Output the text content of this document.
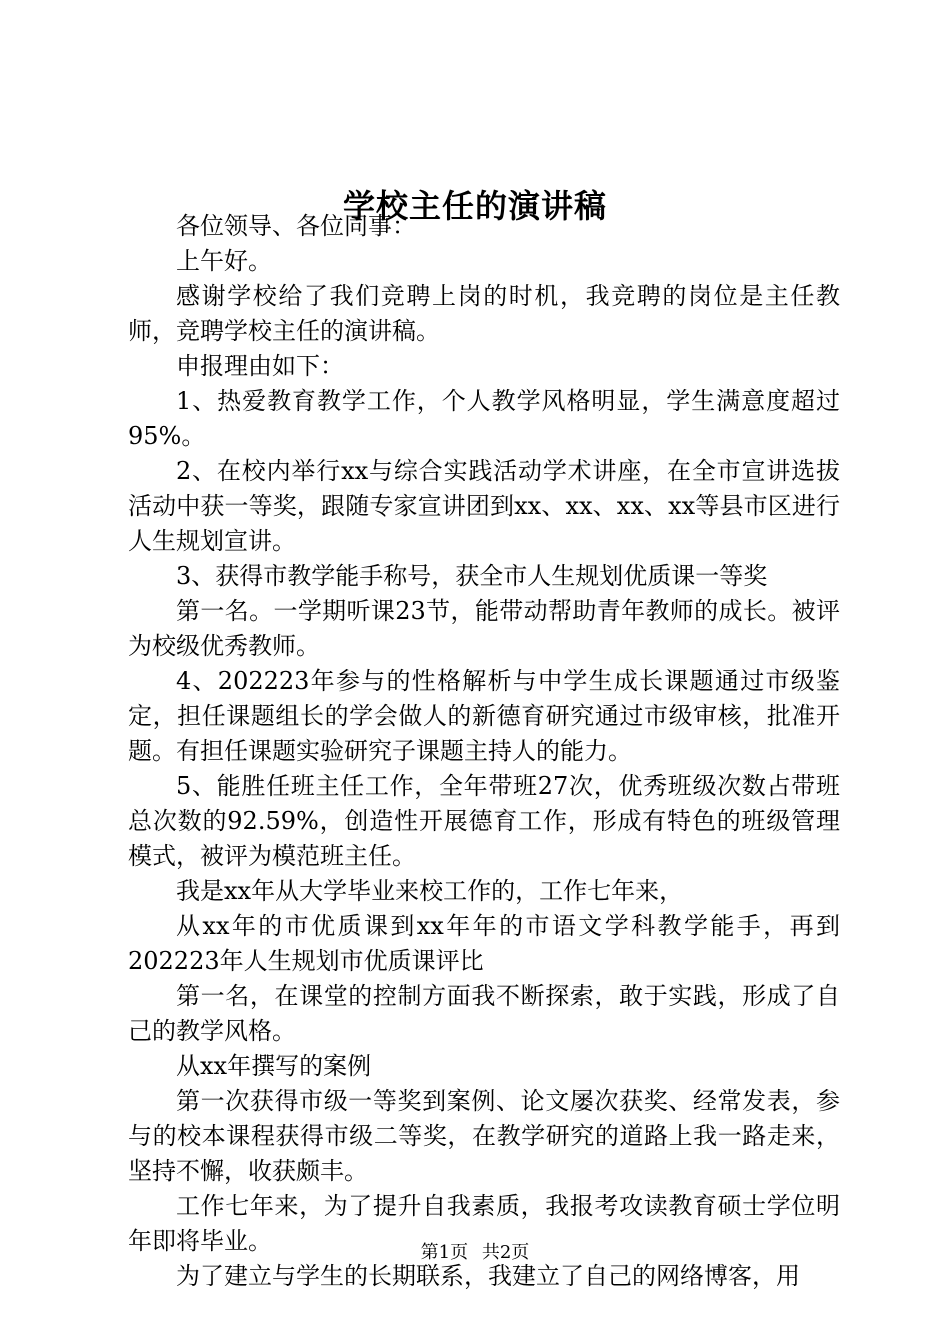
学校主任的演讲稿

各位领导、各位同事：

上午好。

感谢学校给了我们竞聘上岗的时机，我竞聘的岗位是主任教师，竞聘学校主任的演讲稿。

申报理由如下：

1、热爱教育教学工作，个人教学风格明显，学生满意度超过95%。

2、在校内举行xx与综合实践活动学术讲座，在全市宣讲选拔活动中获一等奖，跟随专家宣讲团到xx、xx、xx、xx等县市区进行人生规划宣讲。

3、获得市教学能手称号，获全市人生规划优质课一等奖

第一名。一学期听课23节，能带动帮助青年教师的成长。被评为校级优秀教师。

4、202223年参与的性格解析与中学生成长课题通过市级鉴定，担任课题组长的学会做人的新德育研究通过市级审核，批准开题。有担任课题实验研究子课题主持人的能力。

5、能胜任班主任工作，全年带班27次，优秀班级次数占带班总次数的92.59%，创造性开展德育工作，形成有特色的班级管理模式，被评为模范班主任。

我是xx年从大学毕业来校工作的，工作七年来，

从xx年的市优质课到xx年年的市语文学科教学能手，再到202223年人生规划市优质课评比

第一名，在课堂的控制方面我不断探索，敢于实践，形成了自己的教学风格。

从xx年撰写的案例

第一次获得市级一等奖到案例、论文屡次获奖、经常发表，参与的校本课程获得市级二等奖，在教学研究的道路上我一路走来，坚持不懈，收获颇丰。

工作七年来，为了提升自我素质，我报考攻读教育硕士学位明年即将毕业。

为了建立与学生的长期联系，我建立了自己的网络博客，用

第1页 共2页
